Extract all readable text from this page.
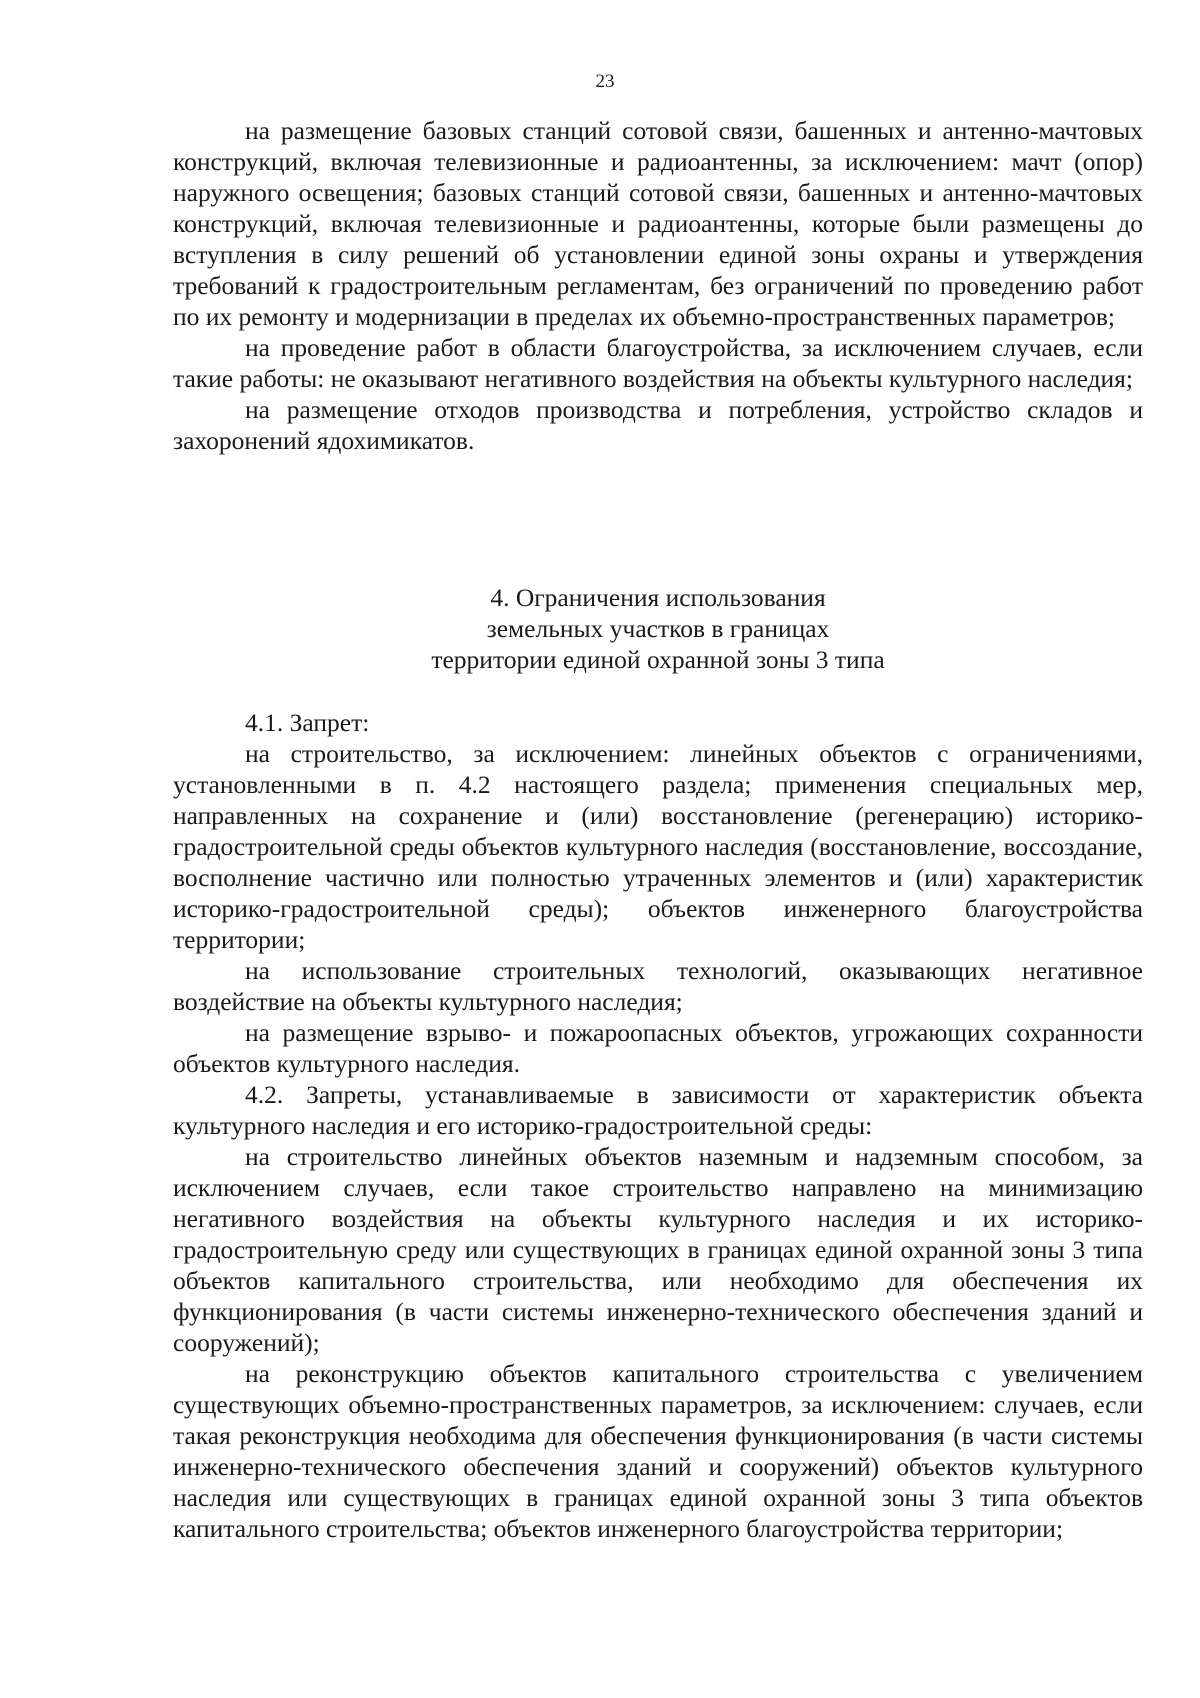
23

на размещение базовых станций сотовой связи, башенных и антенно-мачтовых конструкций, включая телевизионные и радиоантенны, за исключением: мачт (опор) наружного освещения; базовых станций сотовой связи, башенных и антенно-мачтовых конструкций, включая телевизионные и радиоантенны, которые были размещены до вступления в силу решений об установлении единой зоны охраны и утверждения требований к градостроительным регламентам, без ограничений по проведению работ по их ремонту и модернизации в пределах их объемно-пространственных параметров;

на проведение работ в области благоустройства, за исключением случаев, если такие работы: не оказывают негативного воздействия на объекты культурного наследия;

на размещение отходов производства и потребления, устройство складов и захоронений ядохимикатов.

4. Ограничения использования
земельных участков в границах
территории единой охранной зоны 3 типа

4.1. Запрет:

на строительство, за исключением: линейных объектов с ограничениями, установленными в п. 4.2 настоящего раздела; применения специальных мер, направленных на сохранение и (или) восстановление (регенерацию) историко-градостроительной среды объектов культурного наследия (восстановление, воссоздание, восполнение частично или полностью утраченных элементов и (или) характеристик историко-градостроительной среды); объектов инженерного благоустройства территории;

на использование строительных технологий, оказывающих негативное воздействие на объекты культурного наследия;

на размещение взрыво- и пожароопасных объектов, угрожающих сохранности объектов культурного наследия.

4.2. Запреты, устанавливаемые в зависимости от характеристик объекта культурного наследия и его историко-градостроительной среды:

на строительство линейных объектов наземным и надземным способом, за исключением случаев, если такое строительство направлено на минимизацию негативного воздействия на объекты культурного наследия и их историко-градостроительную среду или существующих в границах единой охранной зоны 3 типа объектов капитального строительства, или необходимо для обеспечения их функционирования (в части системы инженерно-технического обеспечения зданий и сооружений);

на реконструкцию объектов капитального строительства с увеличением существующих объемно-пространственных параметров, за исключением: случаев, если такая реконструкция необходима для обеспечения функционирования (в части системы инженерно-технического обеспечения зданий и сооружений) объектов культурного наследия или существующих в границах единой охранной зоны 3 типа объектов капитального строительства; объектов инженерного благоустройства территории;
